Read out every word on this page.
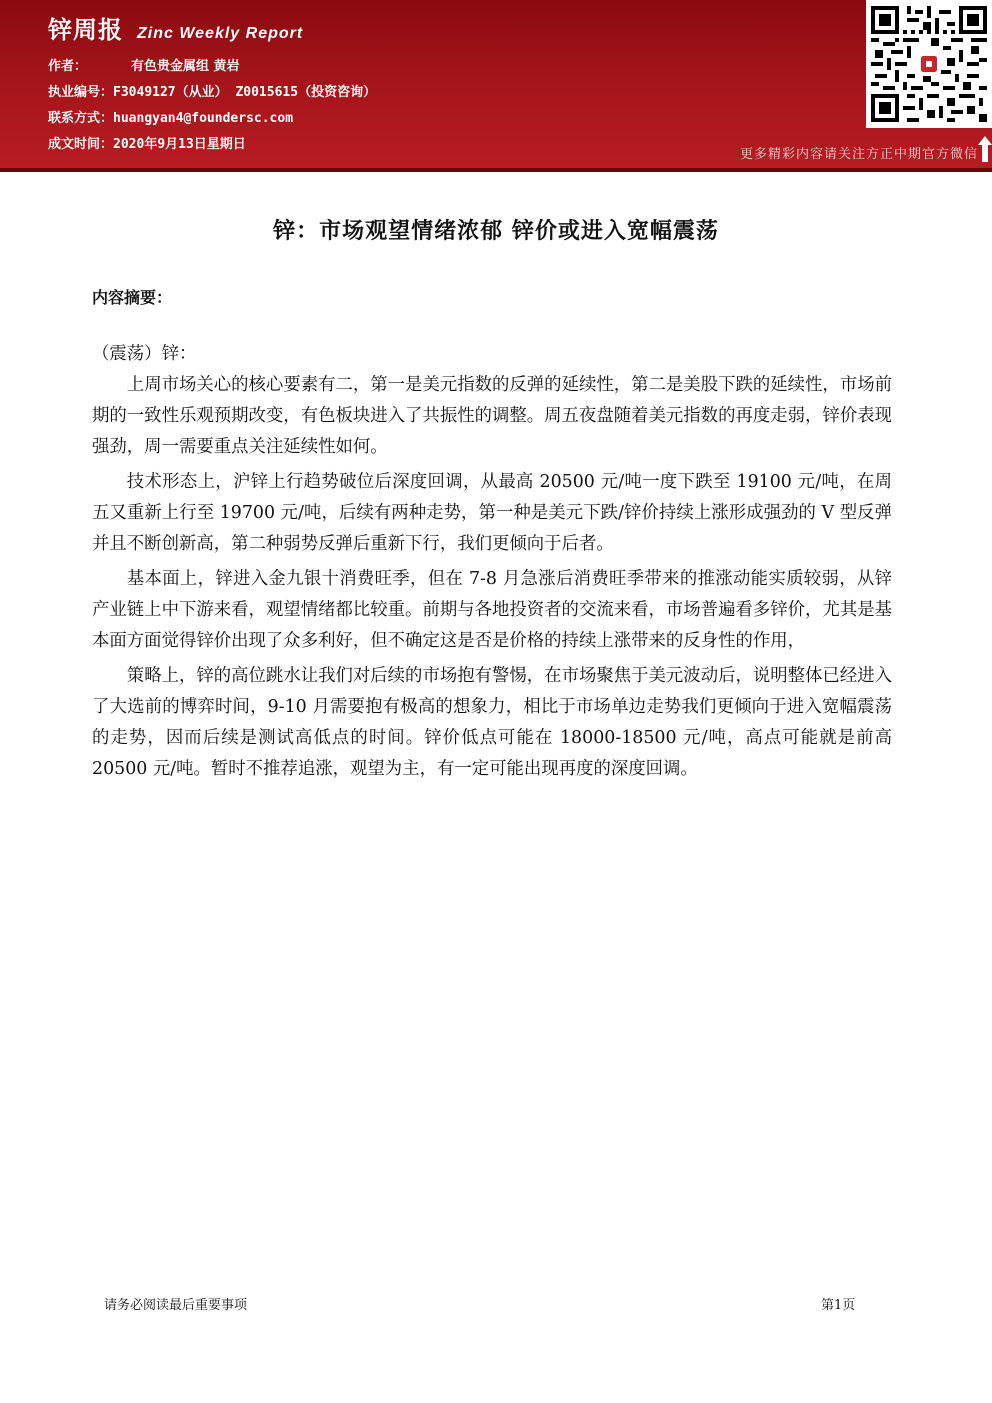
锌周报 Zinc Weekly Report
作者：	有色贵金属组 黄岩
执业编号：F3049127（从业） Z0015615（投资咨询）
联系方式：huangyan4@foundersc.com
成文时间：2020年9月13日星期日
更多精彩内容请关注方正中期官方微信
锌：市场观望情绪浓郁 锌价或进入宽幅震荡
内容摘要：

（震荡）锌：

上周市场关心的核心要素有二，第一是美元指数的反弹的延续性，第二是美股下跌的延续性，市场前期的一致性乐观预期改变，有色板块进入了共振性的调整。周五夜盘随着美元指数的再度走弱，锌价表现强劲，周一需要重点关注延续性如何。

技术形态上，沪锌上行趋势破位后深度回调，从最高 20500 元/吨一度下跌至 19100 元/吨，在周五又重新上行至 19700 元/吨，后续有两种走势，第一种是美元下跌/锌价持续上涨形成强劲的 V 型反弹并且不断创新高，第二种弱势反弹后重新下行，我们更倾向于后者。

基本面上，锌进入金九银十消费旺季，但在 7-8 月急涨后消费旺季带来的推涨动能实质较弱，从锌产业链上中下游来看，观望情绪都比较重。前期与各地投资者的交流来看，市场普遍看多锌价，尤其是基本面方面觉得锌价出现了众多利好，但不确定这是否是价格的持续上涨带来的反身性的作用，

策略上，锌的高位跳水让我们对后续的市场抱有警惕，在市场聚焦于美元波动后，说明整体已经进入了大选前的博弈时间，9-10 月需要抱有极高的想象力，相比于市场单边走势我们更倾向于进入宽幅震荡的走势，因而后续是测试高低点的时间。锌价低点可能在 18000-18500 元/吨，高点可能就是前高 20500 元/吨。暂时不推荐追涨，观望为主，有一定可能出现再度的深度回调。

请务必阅读最后重要事项	第1页
